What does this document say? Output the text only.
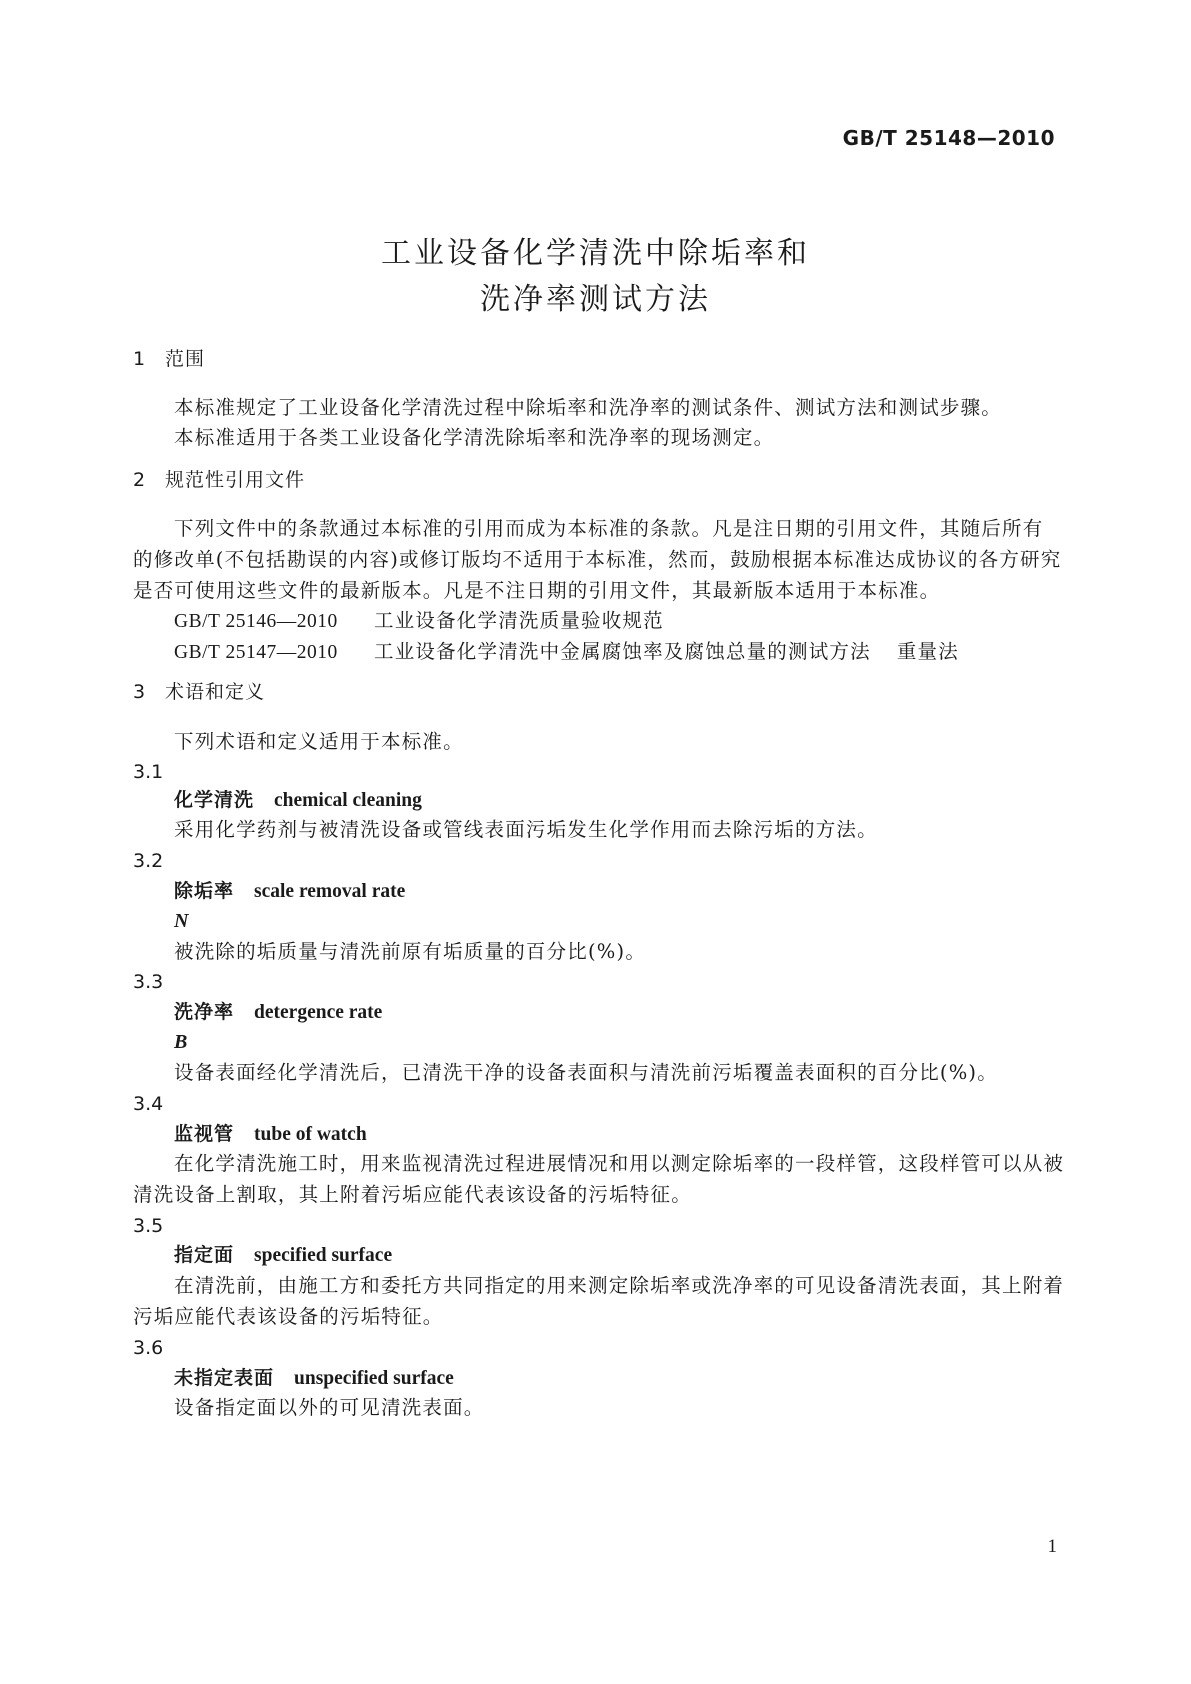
GB/T 25148—2010
工业设备化学清洗中除垢率和
洗净率测试方法
1 范围
本标准规定了工业设备化学清洗过程中除垢率和洗净率的测试条件、测试方法和测试步骤。
本标准适用于各类工业设备化学清洗除垢率和洗净率的现场测定。
2 规范性引用文件
下列文件中的条款通过本标准的引用而成为本标准的条款。凡是注日期的引用文件，其随后所有
的修改单(不包括勘误的内容)或修订版均不适用于本标准，然而，鼓励根据本标准达成协议的各方研究
是否可使用这些文件的最新版本。凡是不注日期的引用文件，其最新版本适用于本标准。
GB/T 25146—2010 工业设备化学清洗质量验收规范
GB/T 25147—2010 工业设备化学清洗中金属腐蚀率及腐蚀总量的测试方法 重量法
3 术语和定义
下列术语和定义适用于本标准。
3.1
化学清洗 chemical cleaning
采用化学药剂与被清洗设备或管线表面污垢发生化学作用而去除污垢的方法。
3.2
除垢率 scale removal rate
N
被洗除的垢质量与清洗前原有垢质量的百分比(%)。
3.3
洗净率 detergence rate
B
设备表面经化学清洗后，已清洗干净的设备表面积与清洗前污垢覆盖表面积的百分比(%)。
3.4
监视管 tube of watch
在化学清洗施工时，用来监视清洗过程进展情况和用以测定除垢率的一段样管，这段样管可以从被
清洗设备上割取，其上附着污垢应能代表该设备的污垢特征。
3.5
指定面 specified surface
在清洗前，由施工方和委托方共同指定的用来测定除垢率或洗净率的可见设备清洗表面，其上附着
污垢应能代表该设备的污垢特征。
3.6
未指定表面 unspecified surface
设备指定面以外的可见清洗表面。
1
